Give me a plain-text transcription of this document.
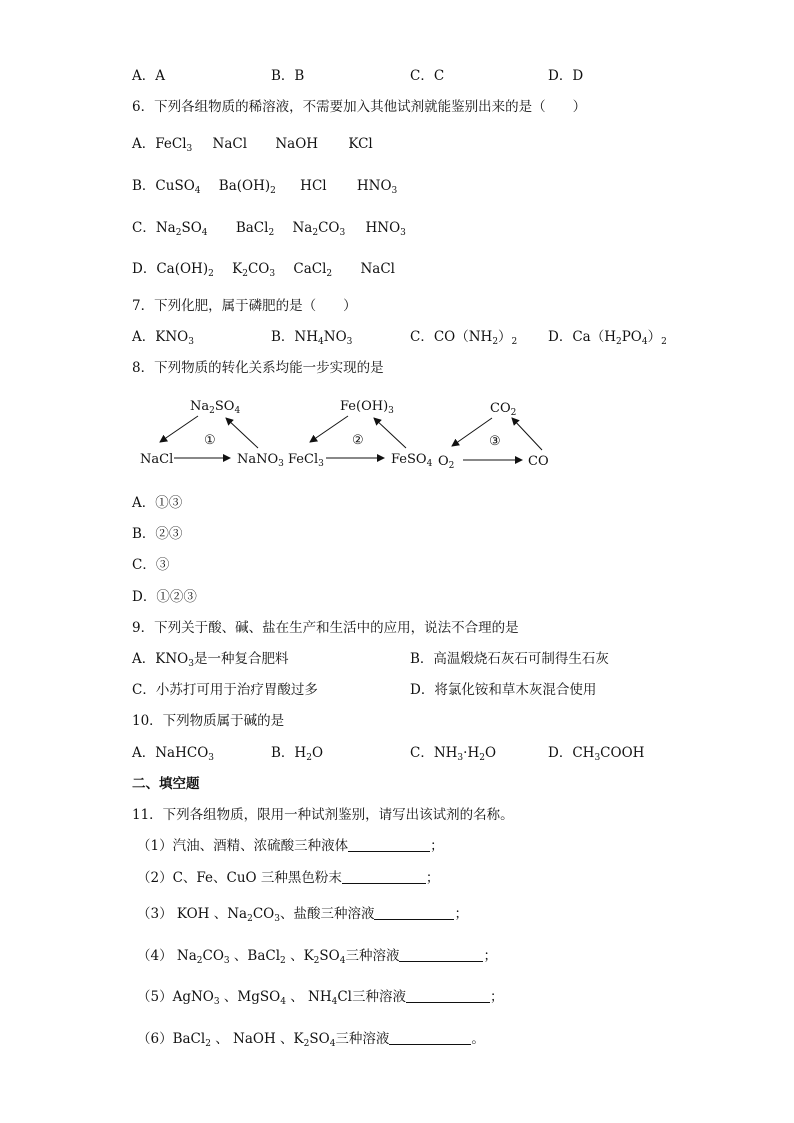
A．A	B．B	C．C	D．D
6．下列各组物质的稀溶液，不需要加入其他试剂就能鉴别出来的是（　　）
A．FeCl$_3$ NaCl NaOH KCl
B．CuSO$_4$ $Ba(OH)_2$ HCl $HNO_3$
C．$Na_2SO_4$ BaCl$_2$ $Na_2CO_3$ $HNO_3$
D．$Ca(OH)_2$ $K_2CO_3$ CaCl$_2$ NaCl
7．下列化肥，属于磷肥的是（　　）
A．$KNO_3$	B．$NH_4NO_3$	C．$CO(NH_2)_2$ D．$Ca(H_2PO_4)_2$
8．下列物质的转化关系均能一步实现的是
$Na_2SO_4$
①
NaCl	NaNO$_3$
$Fe(OH)_3$
②
FeCl$_3$	FeSO$_4$
$CO_2$
③
$O_2$	CO
A．①③
B．②③
C．③
D．①②③
9．下列关于酸、碱、盐在生产和生活中的应用，说法不合理的是
A．$KNO_3$是一种复合肥料	B．高温煅烧石灰石可制得生石灰
C．小苏打可用于治疗胃酸过多	D．将氯化铵和草木灰混合使用
10．下列物质属于碱的是
A．NaHCO$_3$	B．$H_2O$	C．$NH_3\cdot H_2O$	D．$CH_3COOH$
二、填空题
11．下列各组物质，限用一种试剂鉴别，请写出该试剂的名称。
（1）汽油、酒精、浓硫酸三种液体	；
（2）C、Fe、CuO 三种黑色粉末	；
（3） KOH 、$Na_2CO_3$、盐酸三种溶液	；
（4） $Na_2CO_3$ 、BaCl$_2$ 、$K_2SO_4$三种溶液	；
（5）AgNO$_3$ 、MgSO$_4$ 、 $NH_4Cl$三种溶液	；
（6）BaCl$_2$ 、 NaOH 、$K_2SO_4$三种溶液	。
